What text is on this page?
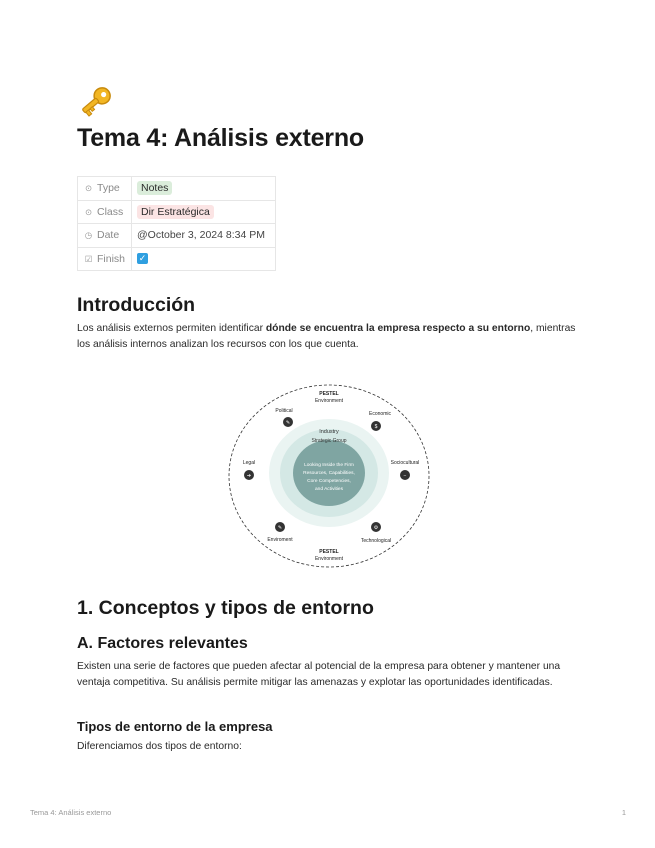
Tema 4: Análisis externo
⊙ Type	Notes
⊙ Class	Dir Estratégica
◷ Date	@October 3, 2024 8:34 PM
☑ Finish	✓
Introducción

Los análisis externos permiten identificar dónde se encuentra la empresa respecto a su entorno, mientras los análisis internos analizan los recursos con los que cuenta.

PESTEL
Environment
PESTEL
Environment
Industry
Strategic Group
Looking Inside the Firm
Resources, Capabilities,
Core Competencies,
and Activities
Political
✎
Economic
$
Sociocultural
−
⚙
Technological
✎
Enviroment
Legal
➔
1. Conceptos y tipos de entorno
A. Factores relevantes

Existen una serie de factores que pueden afectar al potencial de la empresa para obtener y mantener una ventaja competitiva. Su análisis permite mitigar las amenazas y explotar las oportunidades identificadas.

Tipos de entorno de la empresa

Diferenciamos dos tipos de entorno:

Tema 4: Análisis externo	1
